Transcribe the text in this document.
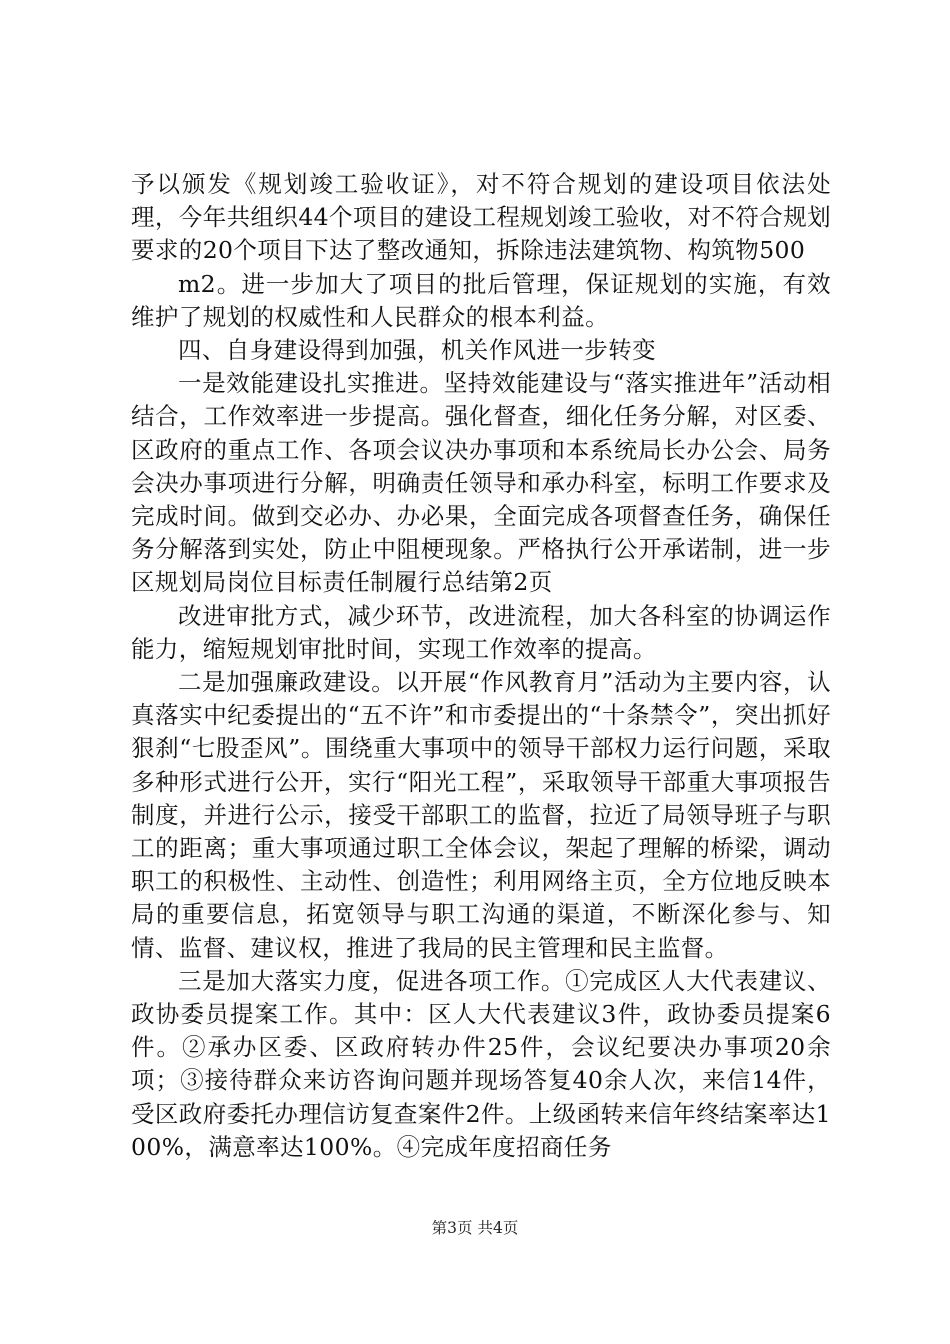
予以颁发《规划竣工验收证》，对不符合规划的建设项目依法处理，今年共组织44个项目的建设工程规划竣工验收，对不符合规划要求的20个项目下达了整改通知，拆除违法建筑物、构筑物500

m2。进一步加大了项目的批后管理，保证规划的实施，有效维护了规划的权威性和人民群众的根本利益。

四、自身建设得到加强，机关作风进一步转变

一是效能建设扎实推进。坚持效能建设与“落实推进年”活动相结合，工作效率进一步提高。强化督查，细化任务分解，对区委、区政府的重点工作、各项会议决办事项和本系统局长办公会、局务会决办事项进行分解，明确责任领导和承办科室，标明工作要求及完成时间。做到交必办、办必果，全面完成各项督查任务，确保任务分解落到实处，防止中阻梗现象。严格执行公开承诺制，进一步区规划局岗位目标责任制履行总结第2页

改进审批方式，减少环节，改进流程，加大各科室的协调运作能力，缩短规划审批时间，实现工作效率的提高。

二是加强廉政建设。以开展“作风教育月”活动为主要内容，认真落实中纪委提出的“五不许”和市委提出的“十条禁令”，突出抓好狠刹“七股歪风”。围绕重大事项中的领导干部权力运行问题，采取多种形式进行公开，实行“阳光工程”，采取领导干部重大事项报告制度，并进行公示，接受干部职工的监督，拉近了局领导班子与职工的距离；重大事项通过职工全体会议，架起了理解的桥梁，调动职工的积极性、主动性、创造性；利用网络主页，全方位地反映本局的重要信息，拓宽领导与职工沟通的渠道，不断深化参与、知情、监督、建议权，推进了我局的民主管理和民主监督。

三是加大落实力度，促进各项工作。①完成区人大代表建议、政协委员提案工作。其中：区人大代表建议3件，政协委员提案6件。②承办区委、区政府转办件25件，会议纪要决办事项20余项；③接待群众来访咨询问题并现场答复40余人次，来信14件，受区政府委托办理信访复查案件2件。上级函转来信年终结案率达100%，满意率达100%。④完成年度招商任务

第3页 共4页
